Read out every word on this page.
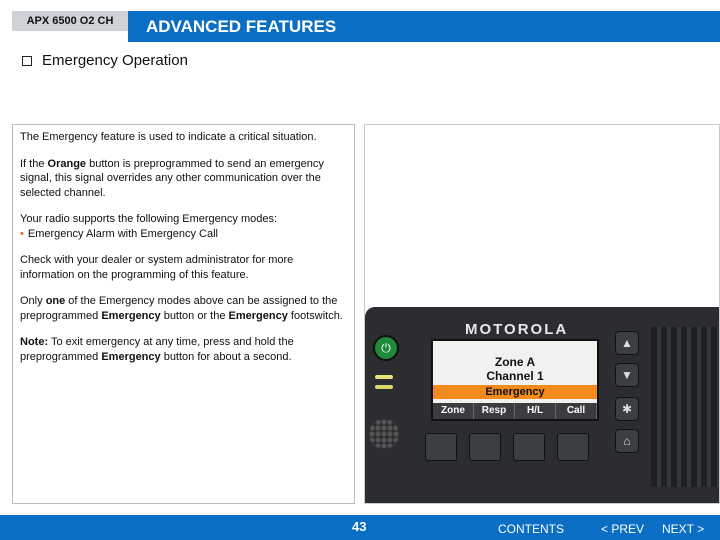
APX 6500 O2 CH	ADVANCED FEATURES
Emergency Operation

The Emergency feature is used to indicate a critical situation.

If the Orange button is preprogrammed to send an emergency signal, this signal overrides any other communication over the selected channel.

Your radio supports the following Emergency modes:
• Emergency Alarm with Emergency Call

Check with your dealer or system administrator for more information on the programming of this feature.

Only one of the Emergency modes above can be assigned to the preprogrammed Emergency button or the Emergency footswitch.

Note: To exit emergency at any time, press and hold the preprogrammed Emergency button for about a second.

MOTOROLA
⏻
Zone A
Channel 1
Emergency
Zone	Resp	H/L	Call
▲
▼
✱
⌂
43	CONTENTS	< PREV NEXT >
